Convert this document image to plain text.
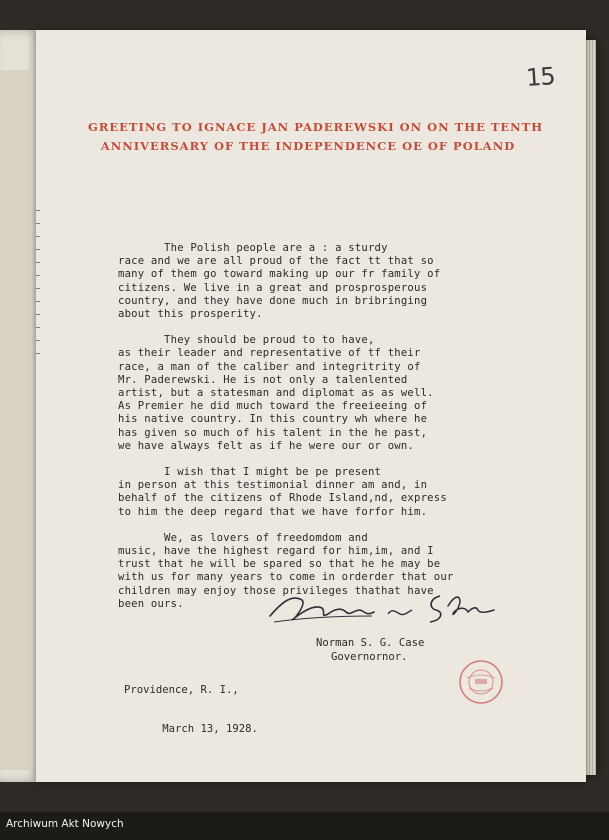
15
GREETING TO IGNACE JAN PADEREWSKI ON ON THE TENTH
ANNIVERSARY OF THE INDEPENDENCE OE OF POLAND
The Polish people are a : a sturdy
race and we are all proud of the fact tt that so
many of them go toward making up our fr family of
citizens. We live in a great and prosprosperous
country, and they have done much in bribringing
about this prosperity.
They should be proud to to have,
as their leader and representative of tf their
race, a man of the caliber and integritrity of
Mr. Paderewski. He is not only a talenlented
artist, but a statesman and diplomat as as well.
As Premier he did much toward the freeieeing of
his native country. In this country wh where he
has given so much of his talent in the he past,
we have always felt as if he were our or own.
I wish that I might be pe present
in person at this testimonial dinner am and, in
behalf of the citizens of Rhode Island,nd, express
to him the deep regard that we have forfor him.
We, as lovers of freedomdom and
music, have the highest regard for him,im, and I
trust that he will be spared so that he he may be
with us for many years to come in orderder that our
children may enjoy those privileges thathat have
been ours.
Norman S. G. Case
Governornor.

Providence, R. I.,

March 13, 1928.

Archiwum Akt Nowych
